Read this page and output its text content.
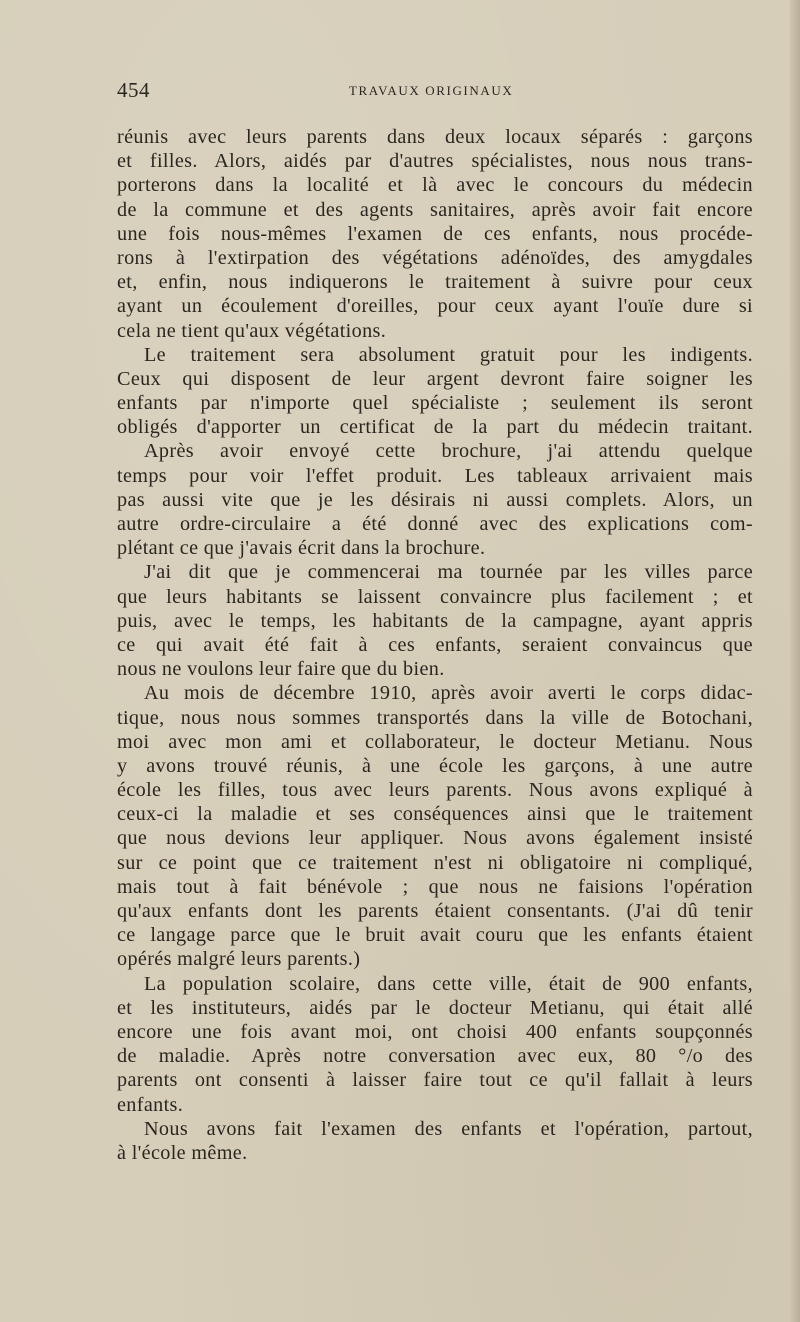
454	TRAVAUX ORIGINAUX
réunis avec leurs parents dans deux locaux séparés : garçons
et filles. Alors, aidés par d'autres spécialistes, nous nous trans-
porterons dans la localité et là avec le concours du médecin
de la commune et des agents sanitaires, après avoir fait encore
une fois nous-mêmes l'examen de ces enfants, nous procéde-
rons à l'extirpation des végétations adénoïdes, des amygdales
et, enfin, nous indiquerons le traitement à suivre pour ceux
ayant un écoulement d'oreilles, pour ceux ayant l'ouïe dure si
cela ne tient qu'aux végétations.
Le traitement sera absolument gratuit pour les indigents.
Ceux qui disposent de leur argent devront faire soigner les
enfants par n'importe quel spécialiste ; seulement ils seront
obligés d'apporter un certificat de la part du médecin traitant.
Après avoir envoyé cette brochure, j'ai attendu quelque
temps pour voir l'effet produit. Les tableaux arrivaient mais
pas aussi vite que je les désirais ni aussi complets. Alors, un
autre ordre-circulaire a été donné avec des explications com-
plétant ce que j'avais écrit dans la brochure.
J'ai dit que je commencerai ma tournée par les villes parce
que leurs habitants se laissent convaincre plus facilement ; et
puis, avec le temps, les habitants de la campagne, ayant appris
ce qui avait été fait à ces enfants, seraient convaincus que
nous ne voulons leur faire que du bien.
Au mois de décembre 1910, après avoir averti le corps didac-
tique, nous nous sommes transportés dans la ville de Botochani,
moi avec mon ami et collaborateur, le docteur Metianu. Nous
y avons trouvé réunis, à une école les garçons, à une autre
école les filles, tous avec leurs parents. Nous avons expliqué à
ceux-ci la maladie et ses conséquences ainsi que le traitement
que nous devions leur appliquer. Nous avons également insisté
sur ce point que ce traitement n'est ni obligatoire ni compliqué,
mais tout à fait bénévole ; que nous ne faisions l'opération
qu'aux enfants dont les parents étaient consentants. (J'ai dû tenir
ce langage parce que le bruit avait couru que les enfants étaient
opérés malgré leurs parents.)
La population scolaire, dans cette ville, était de 900 enfants,
et les instituteurs, aidés par le docteur Metianu, qui était allé
encore une fois avant moi, ont choisi 400 enfants soupçonnés
de maladie. Après notre conversation avec eux, 80 °/o des
parents ont consenti à laisser faire tout ce qu'il fallait à leurs
enfants.
Nous avons fait l'examen des enfants et l'opération, partout,
à l'école même.
